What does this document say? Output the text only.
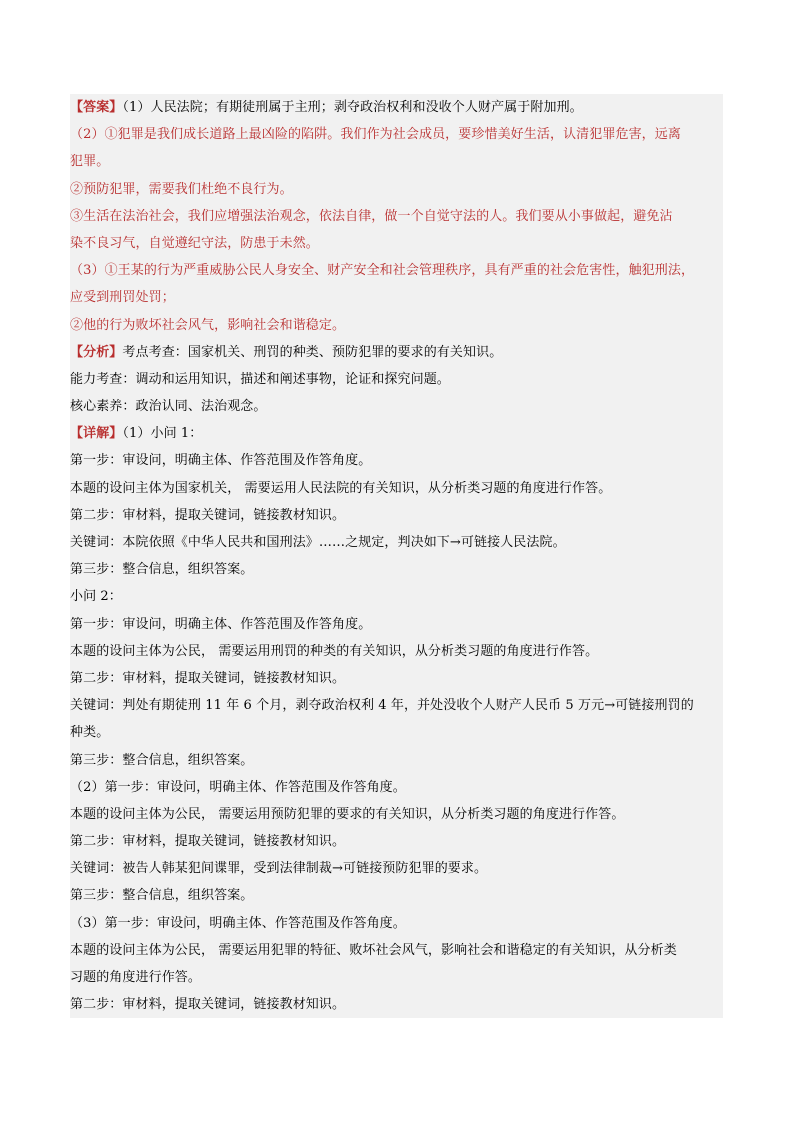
【答案】（1）人民法院；有期徒刑属于主刑；剥夺政治权利和没收个人财产属于附加刑。
（2）①犯罪是我们成长道路上最凶险的陷阱。我们作为社会成员，要珍惜美好生活，认清犯罪危害，远离
犯罪。
②预防犯罪，需要我们杜绝不良行为。
③生活在法治社会，我们应增强法治观念，依法自律，做一个自觉守法的人。我们要从小事做起，避免沾
染不良习气，自觉遵纪守法，防患于未然。
（3）①王某的行为严重威胁公民人身安全、财产安全和社会管理秩序，具有严重的社会危害性，触犯刑法，
应受到刑罚处罚；
②他的行为败坏社会风气，影响社会和谐稳定。
【分析】考点考查：国家机关、刑罚的种类、预防犯罪的要求的有关知识。
能力考查：调动和运用知识，描述和阐述事物，论证和探究问题。
核心素养：政治认同、法治观念。
【详解】（1）小问 1：
第一步：审设问，明确主体、作答范围及作答角度。
本题的设问主体为国家机关， 需要运用人民法院的有关知识，从分析类习题的角度进行作答。
第二步：审材料，提取关键词，链接教材知识。
关键词：本院依照《中华人民共和国刑法》……之规定，判决如下→可链接人民法院。
第三步：整合信息，组织答案。
小问 2：
第一步：审设问，明确主体、作答范围及作答角度。
本题的设问主体为公民， 需要运用刑罚的种类的有关知识，从分析类习题的角度进行作答。
第二步：审材料，提取关键词，链接教材知识。
关键词：判处有期徒刑 11 年 6 个月，剥夺政治权利 4 年，并处没收个人财产人民币 5 万元→可链接刑罚的
种类。
第三步：整合信息，组织答案。
（2）第一步：审设问，明确主体、作答范围及作答角度。
本题的设问主体为公民， 需要运用预防犯罪的要求的有关知识，从分析类习题的角度进行作答。
第二步：审材料，提取关键词，链接教材知识。
关键词：被告人韩某犯间谍罪，受到法律制裁→可链接预防犯罪的要求。
第三步：整合信息，组织答案。
（3）第一步：审设问，明确主体、作答范围及作答角度。
本题的设问主体为公民， 需要运用犯罪的特征、败坏社会风气，影响社会和谐稳定的有关知识，从分析类
习题的角度进行作答。
第二步：审材料，提取关键词，链接教材知识。
